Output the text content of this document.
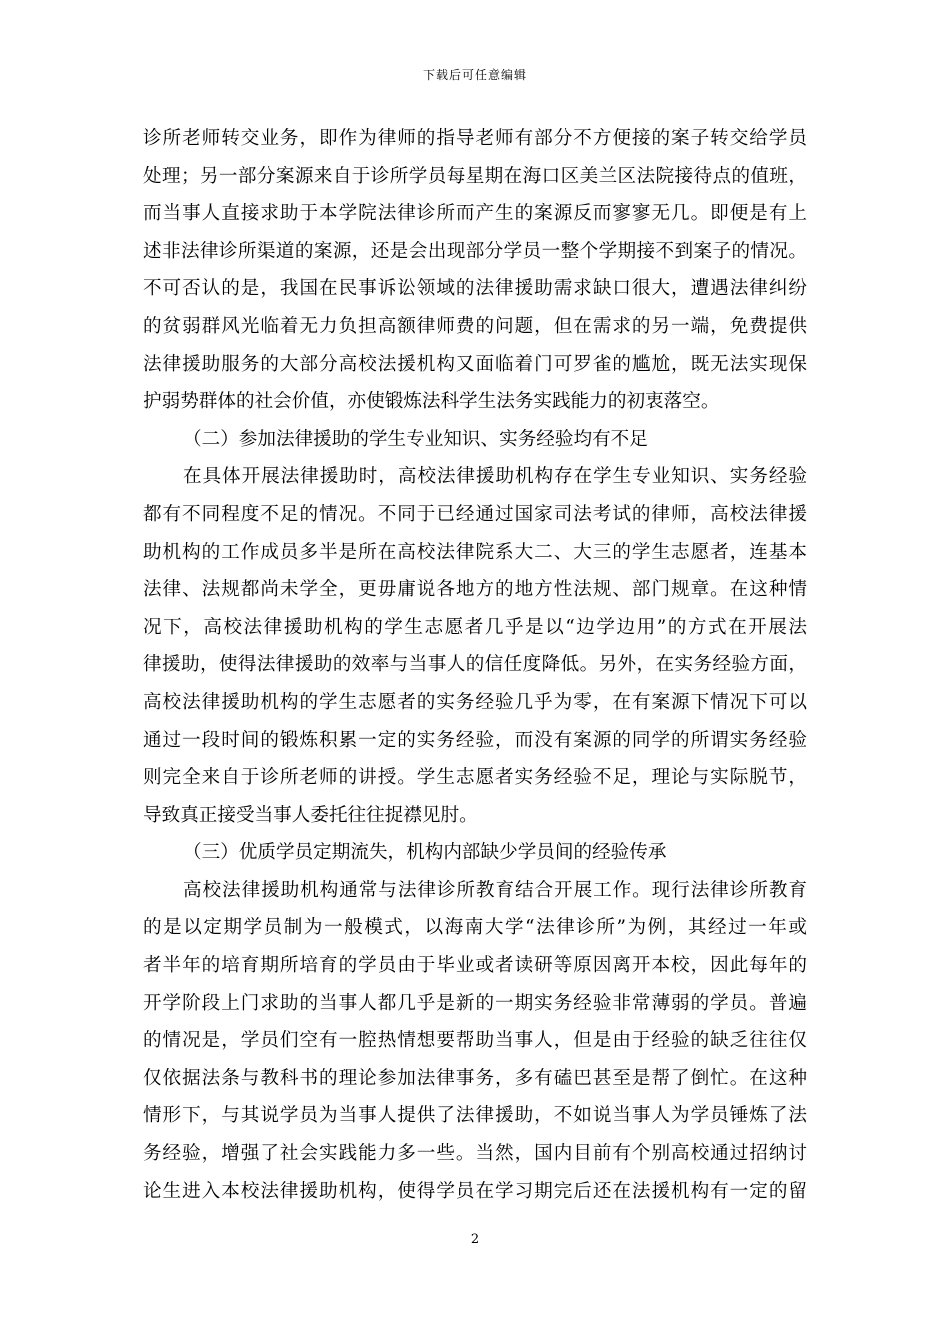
下载后可任意编辑
诊所老师转交业务，即作为律师的指导老师有部分不方便接的案子转交给学员
处理；另一部分案源来自于诊所学员每星期在海口区美兰区法院接待点的值班，
而当事人直接求助于本学院法律诊所而产生的案源反而寥寥无几。即便是有上
述非法律诊所渠道的案源，还是会出现部分学员一整个学期接不到案子的情况。
不可否认的是，我国在民事诉讼领域的法律援助需求缺口很大，遭遇法律纠纷
的贫弱群风光临着无力负担高额律师费的问题，但在需求的另一端，免费提供
法律援助服务的大部分高校法援机构又面临着门可罗雀的尴尬，既无法实现保
护弱势群体的社会价值，亦使锻炼法科学生法务实践能力的初衷落空。
（二）参加法律援助的学生专业知识、实务经验均有不足
在具体开展法律援助时，高校法律援助机构存在学生专业知识、实务经验
都有不同程度不足的情况。不同于已经通过国家司法考试的律师，高校法律援
助机构的工作成员多半是所在高校法律院系大二、大三的学生志愿者，连基本
法律、法规都尚未学全，更毋庸说各地方的地方性法规、部门规章。在这种情
况下，高校法律援助机构的学生志愿者几乎是以“边学边用”的方式在开展法
律援助，使得法律援助的效率与当事人的信任度降低。另外，在实务经验方面，
高校法律援助机构的学生志愿者的实务经验几乎为零，在有案源下情况下可以
通过一段时间的锻炼积累一定的实务经验，而没有案源的同学的所谓实务经验
则完全来自于诊所老师的讲授。学生志愿者实务经验不足，理论与实际脱节，
导致真正接受当事人委托往往捉襟见肘。
（三）优质学员定期流失，机构内部缺少学员间的经验传承
高校法律援助机构通常与法律诊所教育结合开展工作。现行法律诊所教育
的是以定期学员制为一般模式，以海南大学“法律诊所”为例，其经过一年或
者半年的培育期所培育的学员由于毕业或者读研等原因离开本校，因此每年的
开学阶段上门求助的当事人都几乎是新的一期实务经验非常薄弱的学员。普遍
的情况是，学员们空有一腔热情想要帮助当事人，但是由于经验的缺乏往往仅
仅依据法条与教科书的理论参加法律事务，多有磕巴甚至是帮了倒忙。在这种
情形下，与其说学员为当事人提供了法律援助，不如说当事人为学员锤炼了法
务经验，增强了社会实践能力多一些。当然，国内目前有个别高校通过招纳讨
论生进入本校法律援助机构，使得学员在学习期完后还在法援机构有一定的留
2
